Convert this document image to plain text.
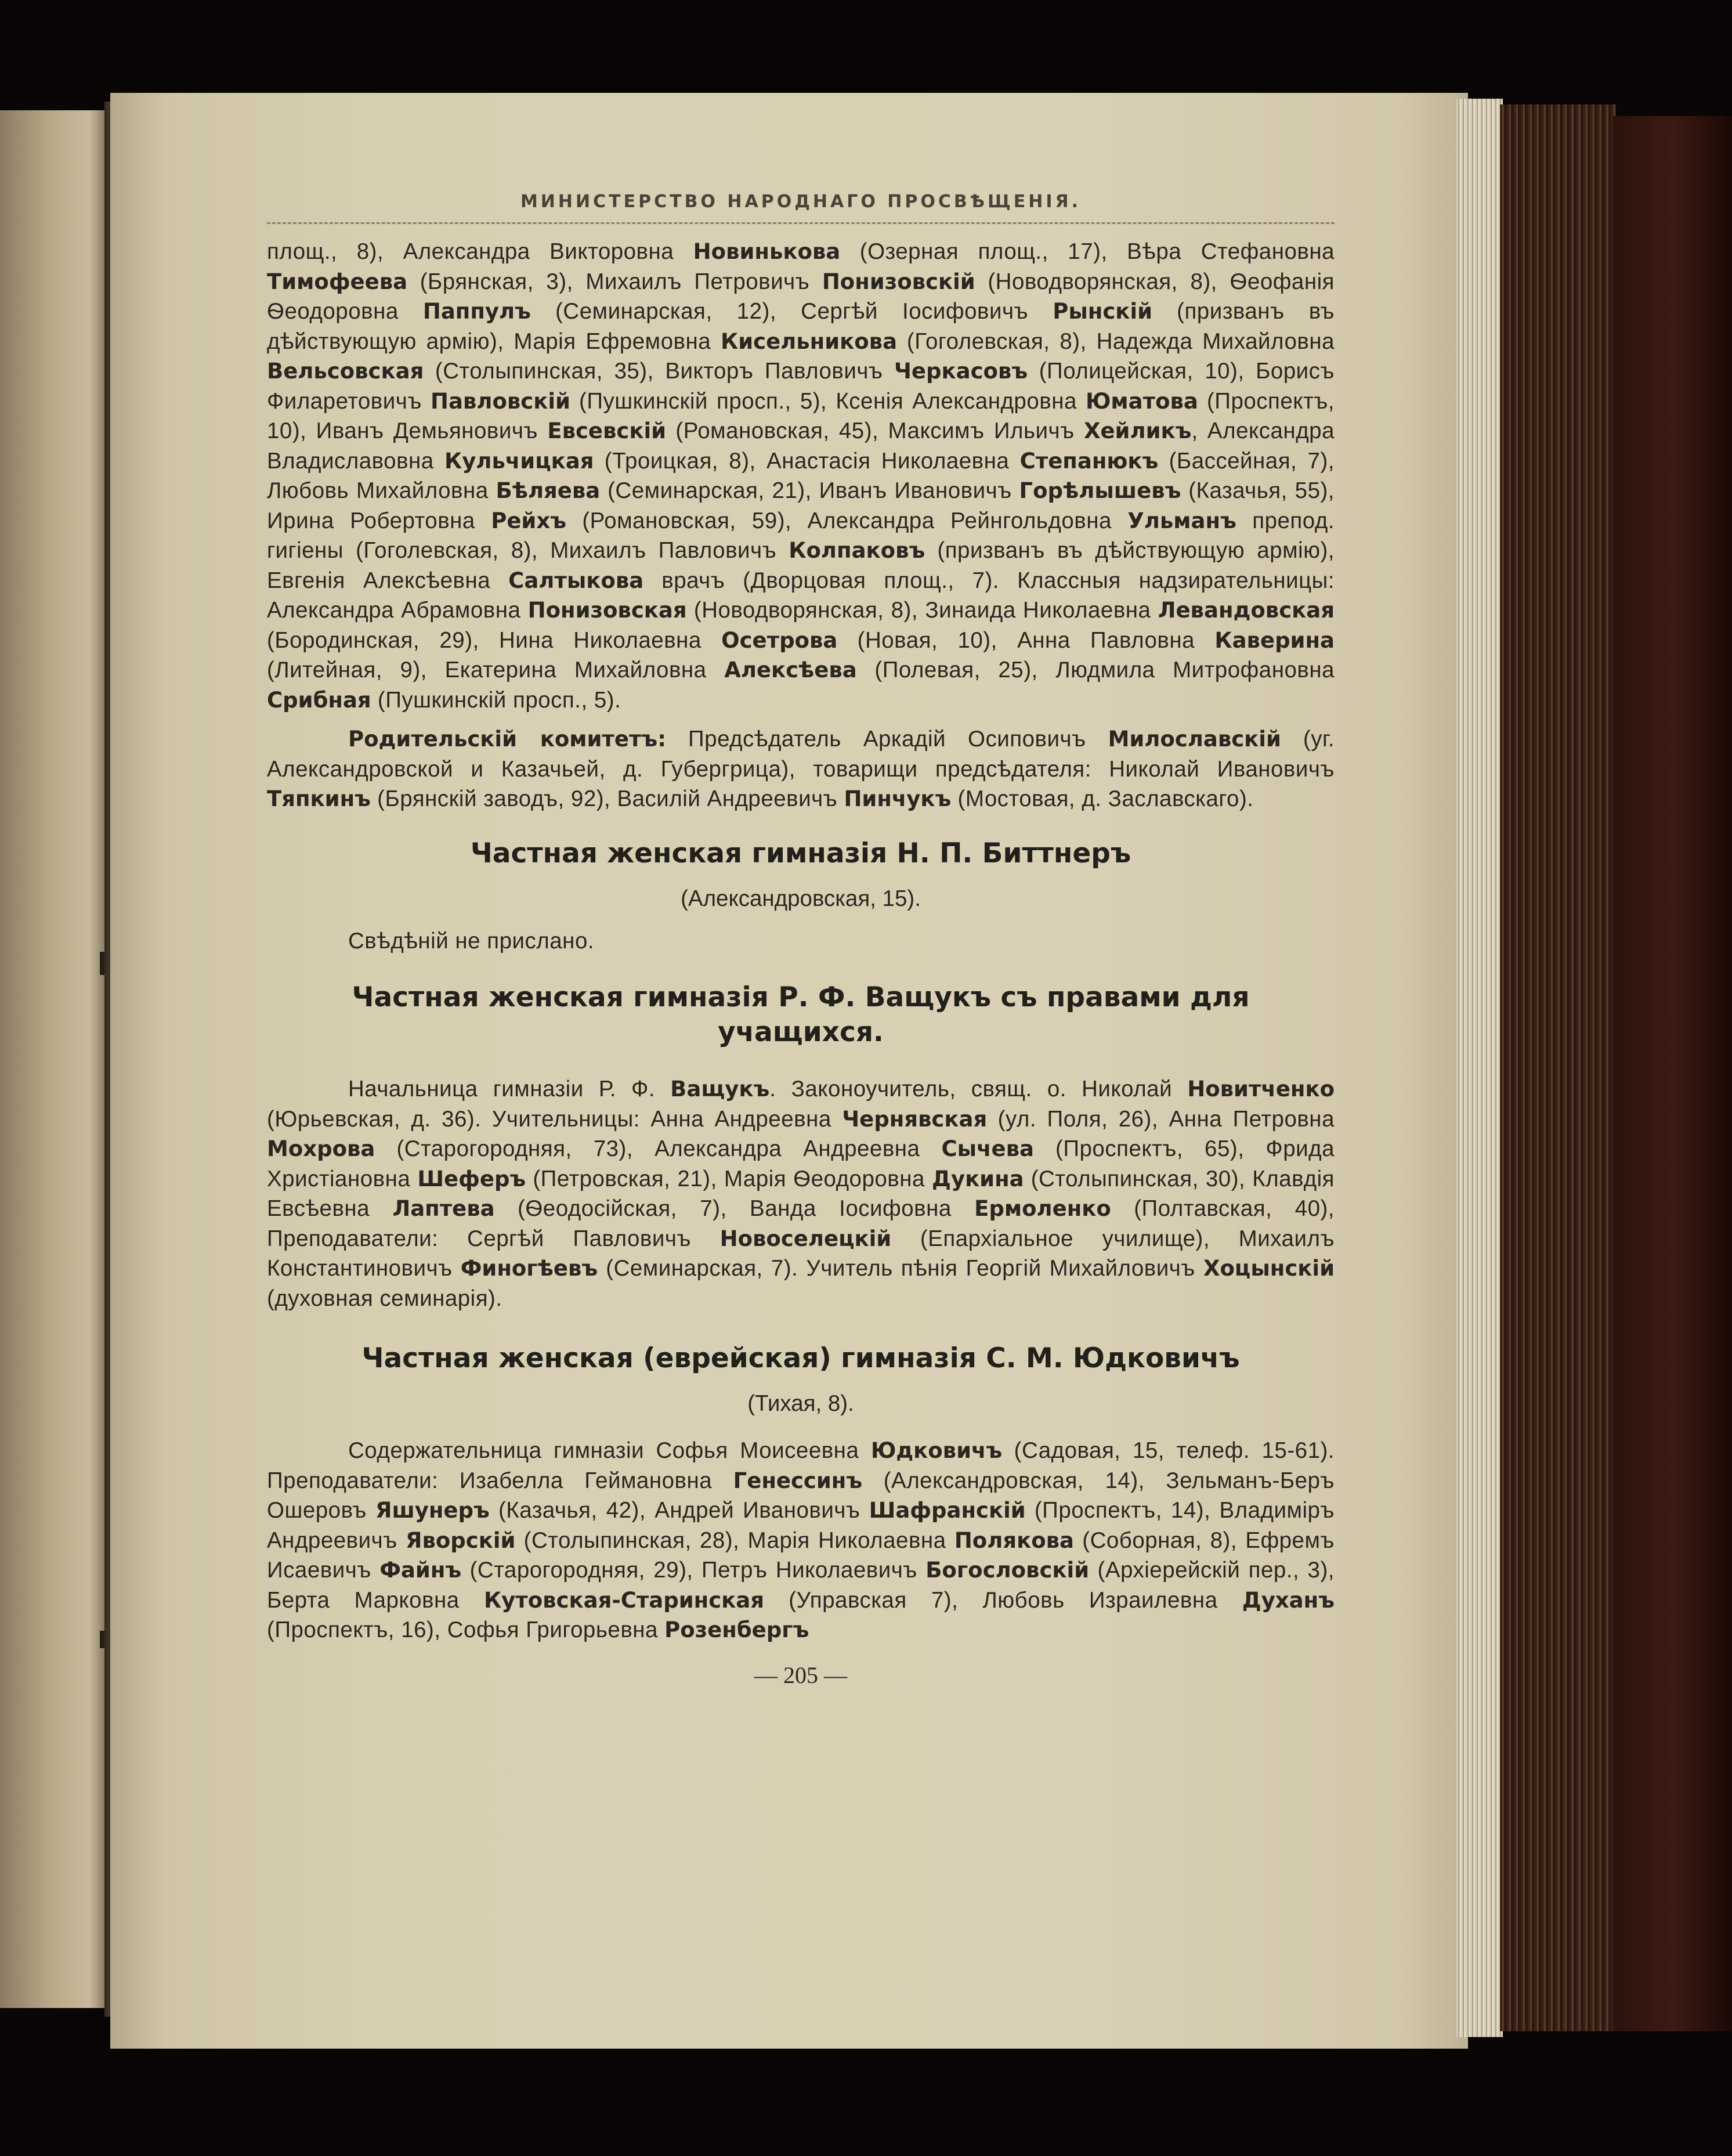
МИНИСТЕРСТВО НАРОДНАГО ПРОСВѢЩЕНІЯ.

площ., 8), Александра Викторовна Новинькова (Озерная площ., 17), Вѣра Стефановна Тимофеева (Брянская, 3), Михаилъ Петровичъ Понизовскій (Нoводворянская, 8), Ѳеофанія Ѳеодоровна Паппулъ (Семинарская, 12), Сергѣй Іосифовичъ Рынскій (призванъ въ дѣйствующую армію), Марія Ефремовна Кисельникова (Гоголевская, 8), Надежда Михайловна Вельсовская (Столыпинская, 35), Викторъ Павловичъ Черкасовъ (Полицейская, 10), Борисъ Филаретовичъ Павловскій (Пушкинскій просп., 5), Ксенія Александровна Юматова (Проспектъ, 10), Иванъ Демьяновичъ Евсевскій (Романовская, 45), Максимъ Ильичъ Хейликъ, Александра Владиславовна Кульчицкая (Троицкая, 8), Анастасія Николаевна Степанюкъ (Бассейная, 7), Любовь Михайловна Бѣляева (Семинарская, 21), Иванъ Ивановичъ Горѣлышевъ (Казачья, 55), Ирина Робертовна Рейхъ (Романовская, 59), Александра Рейнгольдовна Ульманъ препод. гигіены (Гоголевская, 8), Михаилъ Павловичъ Колпаковъ (призванъ въ дѣйствующую армію), Евгенія Алексѣевна Салтыкова врачъ (Дворцовая площ., 7). Классныя надзирательницы: Александра Абрамовна Понизовская (Новодворянская, 8), Зинаида Николаевна Левандовская (Бородинская, 29), Нина Николаевна Осетрова (Новая, 10), Анна Павловна Каверина (Литейная, 9), Екатерина Михайловна Алексѣева (Полевая, 25), Людмила Митрофановна Срибная (Пушкинскій просп., 5).

Родительскій комитетъ: Предсѣдатель Аркадій Осиповичъ Милославскій (уг. Александровской и Казачьей, д. Губергрица), товарищи предсѣдателя: Николай Ивановичъ Тяпкинъ (Брянскій заводъ, 92), Василій Андреевичъ Пинчукъ (Мостовая, д. Заславскаго).

Частная женская гимназія Н. П. Биттнеръ

(Александровская, 15).

Свѣдѣній не прислано.

Частная женская гимназія Р. Ф. Ващукъ съ правами для учащихся.

Начальница гимназіи Р. Ф. Ващукъ. Законоучитель, свящ. о. Николай Новитченко (Юрьевская, д. 36). Учительницы: Анна Андреевна Чернявская (ул. Поля, 26), Анна Петровна Мохрова (Старогородняя, 73), Александра Андреевна Сычева (Проспектъ, 65), Фрида Христіановна Шеферъ (Петровская, 21), Марія Ѳеодоровна Дукина (Столыпинская, 30), Клавдія Евсѣевна Лаптева (Ѳеодосійская, 7), Ванда Іосифовна Ермоленко (Полтавская, 40), Преподаватели: Сергѣй Павловичъ Новоселецкій (Епархіальное училище), Михаилъ Константиновичъ Финогѣевъ (Семинарская, 7). Учитель пѣнія Георгій Михайловичъ Хоцынскій (духовная семинарія).

Частная женская (еврейская) гимназія С. М. Юдковичъ

(Тихая, 8).

Содержательница гимназіи Софья Моисеевна Юдковичъ (Садовая, 15, телеф. 15-61). Преподаватели: Изабелла Геймановна Генессинъ (Александровская, 14), Зельманъ-Беръ Ошеровъ Яшунеръ (Казачья, 42), Андрей Ивановичъ Шафранскій (Проспектъ, 14), Владиміръ Андреевичъ Яворскій (Столыпинская, 28), Марія Николаевна Полякова (Соборная, 8), Ефремъ Исаевичъ Файнъ (Старогородняя, 29), Петръ Николаевичъ Богословскій (Архіерейскій пер., 3), Берта Марковна Кутовская-Старинская (Управская 7), Любовь Израилевна Духанъ (Проспектъ, 16), Софья Григорьевна Розенбергъ

— 205 —
